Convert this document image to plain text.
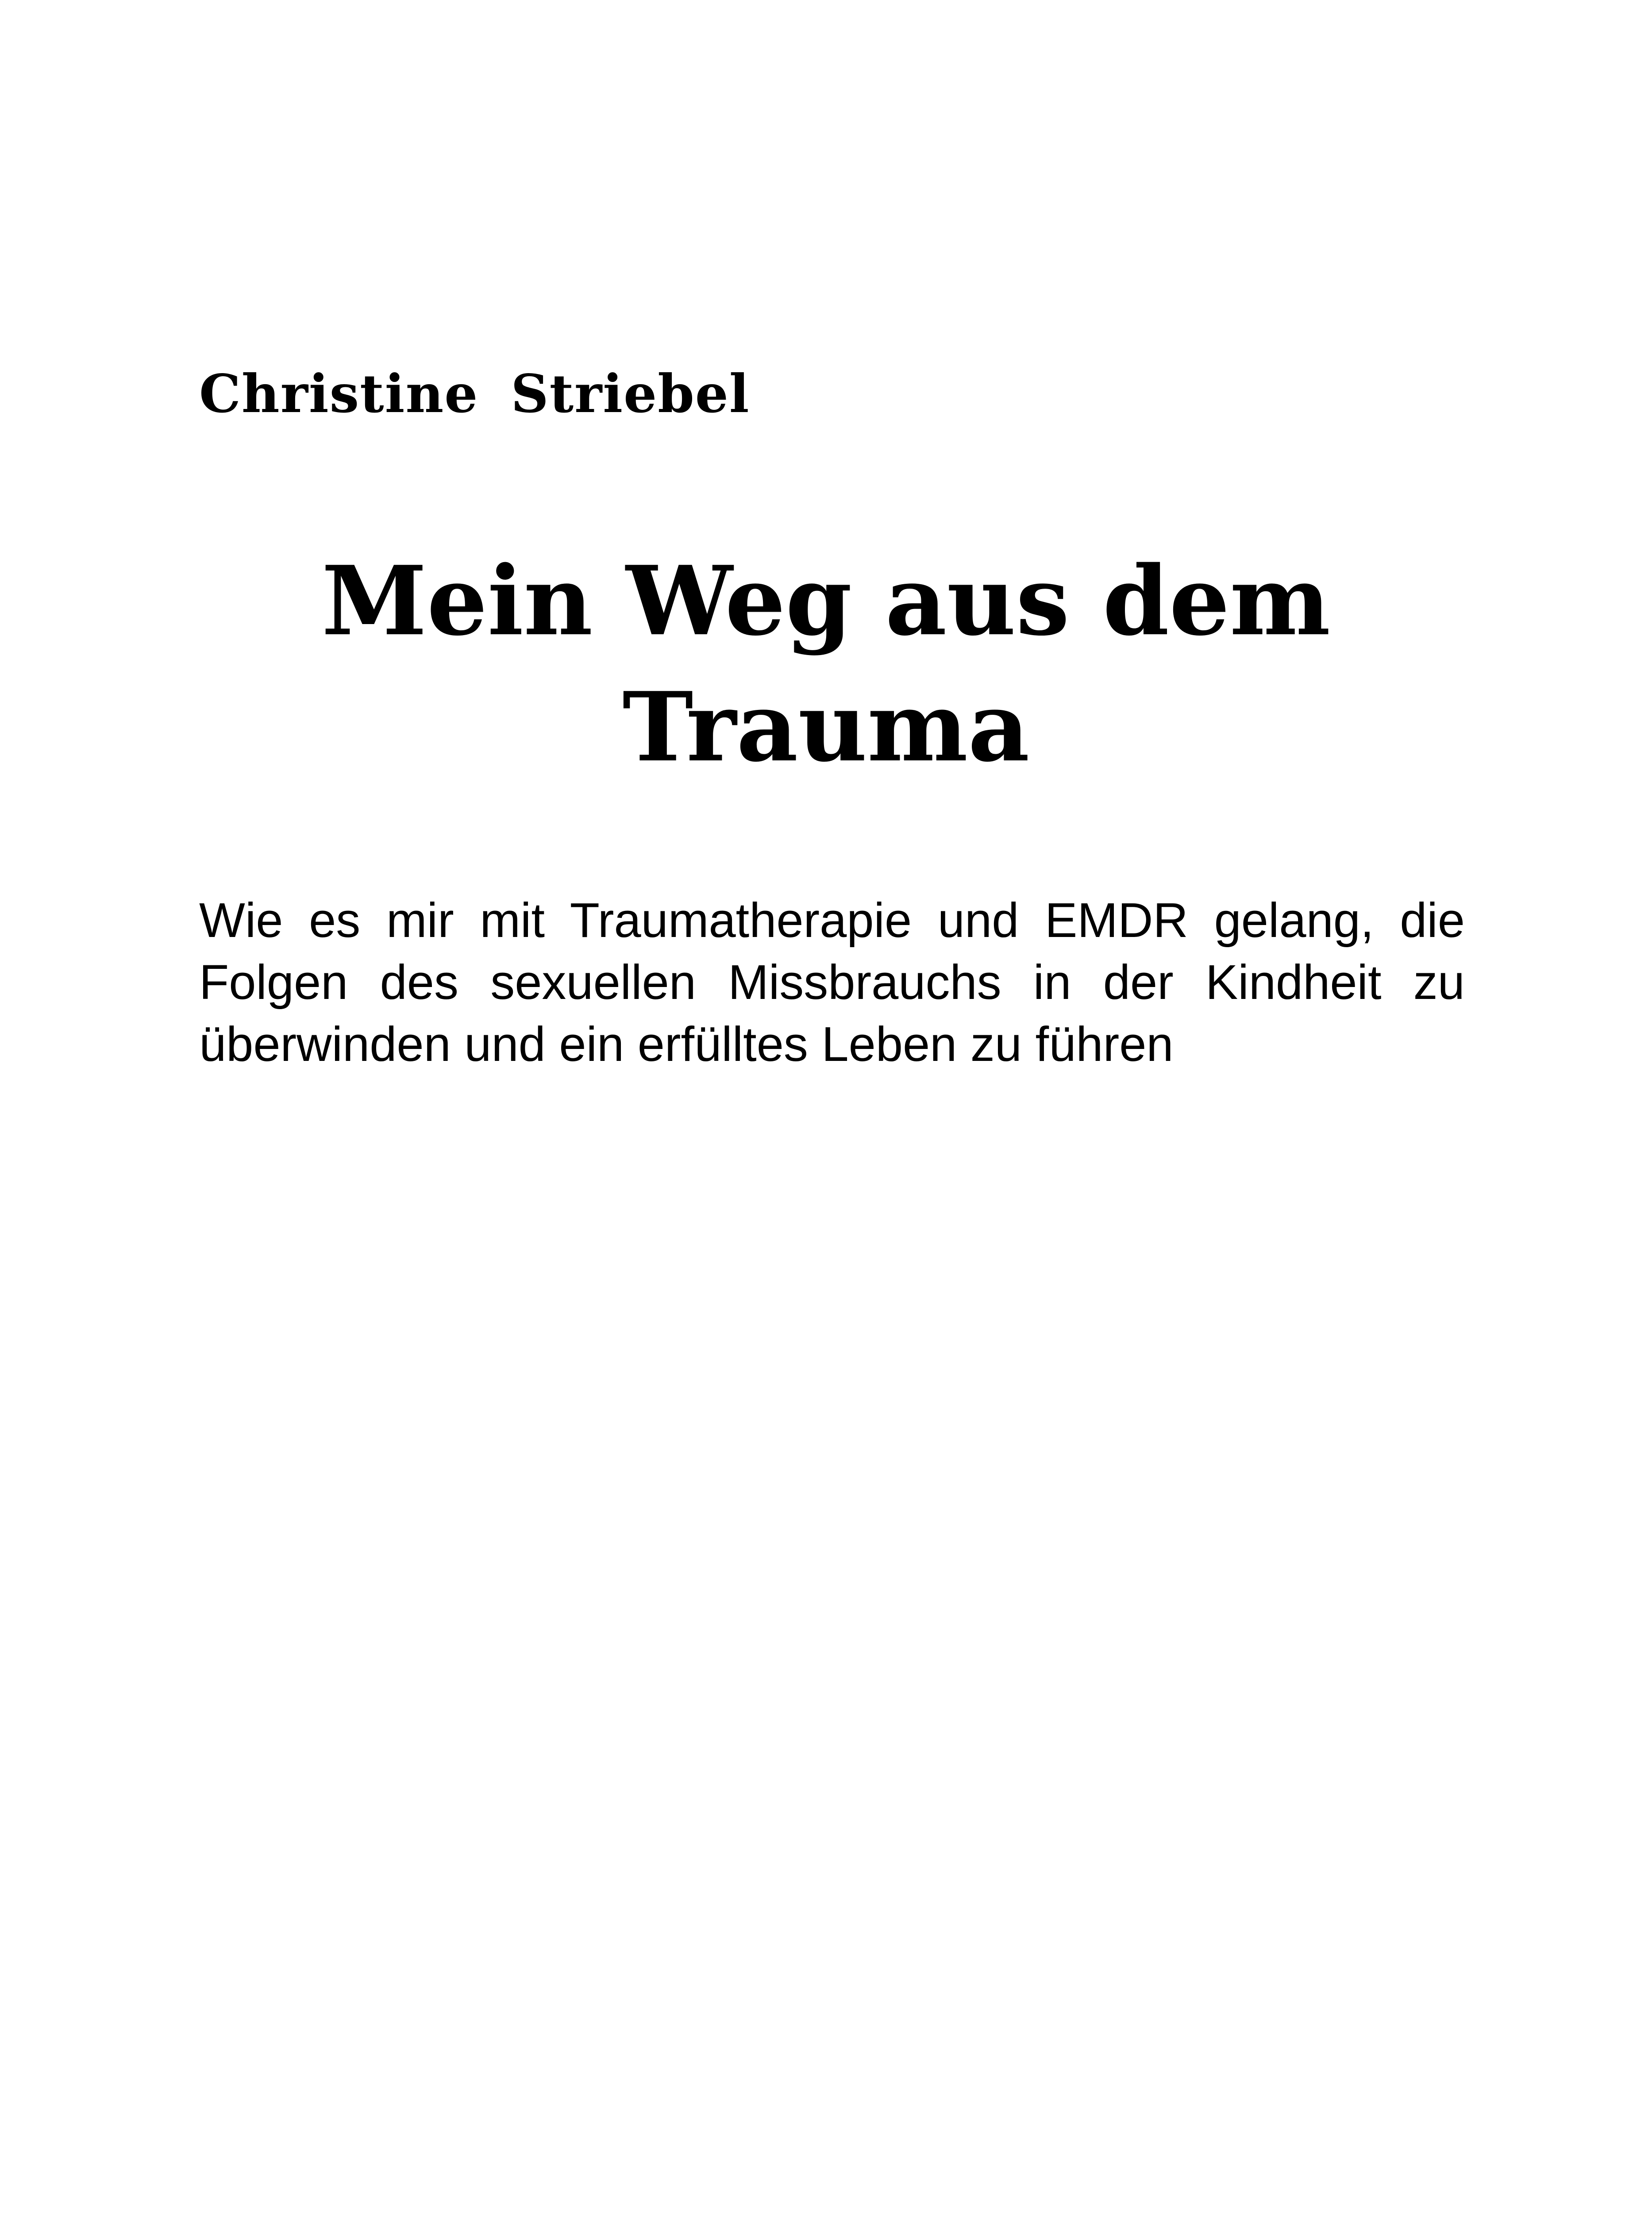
Christine Striebel
Mein Weg aus dem
Trauma
Wie es mir mit Traumatherapie und EMDR gelang, die
Folgen des sexuellen Missbrauchs in der Kindheit zu
überwinden und ein erfülltes Leben zu führen
